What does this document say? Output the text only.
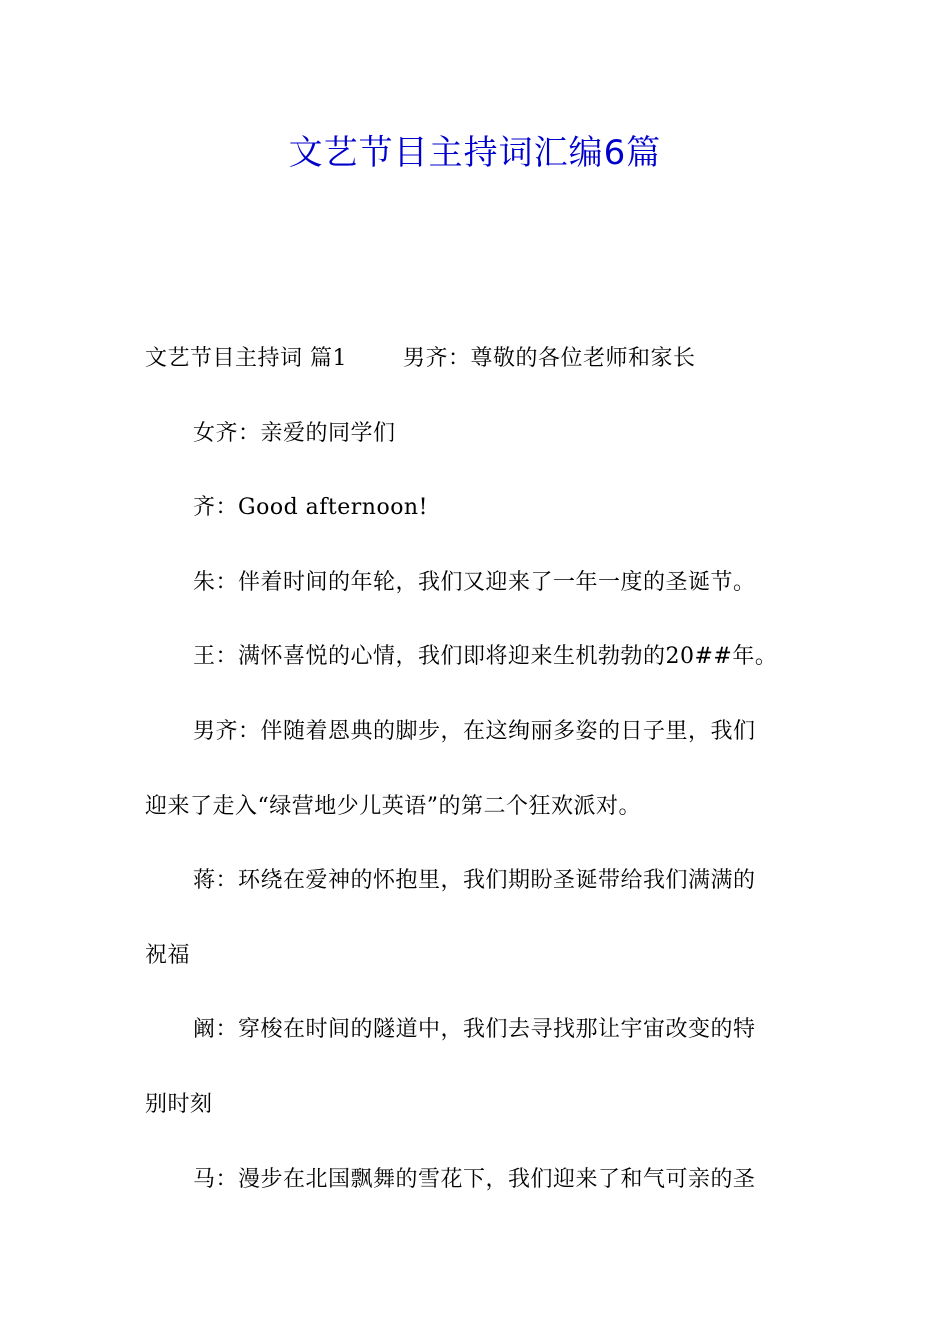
文艺节目主持词汇编6篇

文艺节目主持词 篇1	男齐：尊敬的各位老师和家长

女齐：亲爱的同学们

齐：Good afternoon!

朱：伴着时间的年轮，我们又迎来了一年一度的圣诞节。

王：满怀喜悦的心情，我们即将迎来生机勃勃的20##年。

男齐：伴随着恩典的脚步，在这绚丽多姿的日子里，我们

迎来了走入“绿营地少儿英语”的第二个狂欢派对。

蒋：环绕在爱神的怀抱里，我们期盼圣诞带给我们满满的

祝福

阚：穿梭在时间的隧道中，我们去寻找那让宇宙改变的特

别时刻

马：漫步在北国飘舞的雪花下，我们迎来了和气可亲的圣
